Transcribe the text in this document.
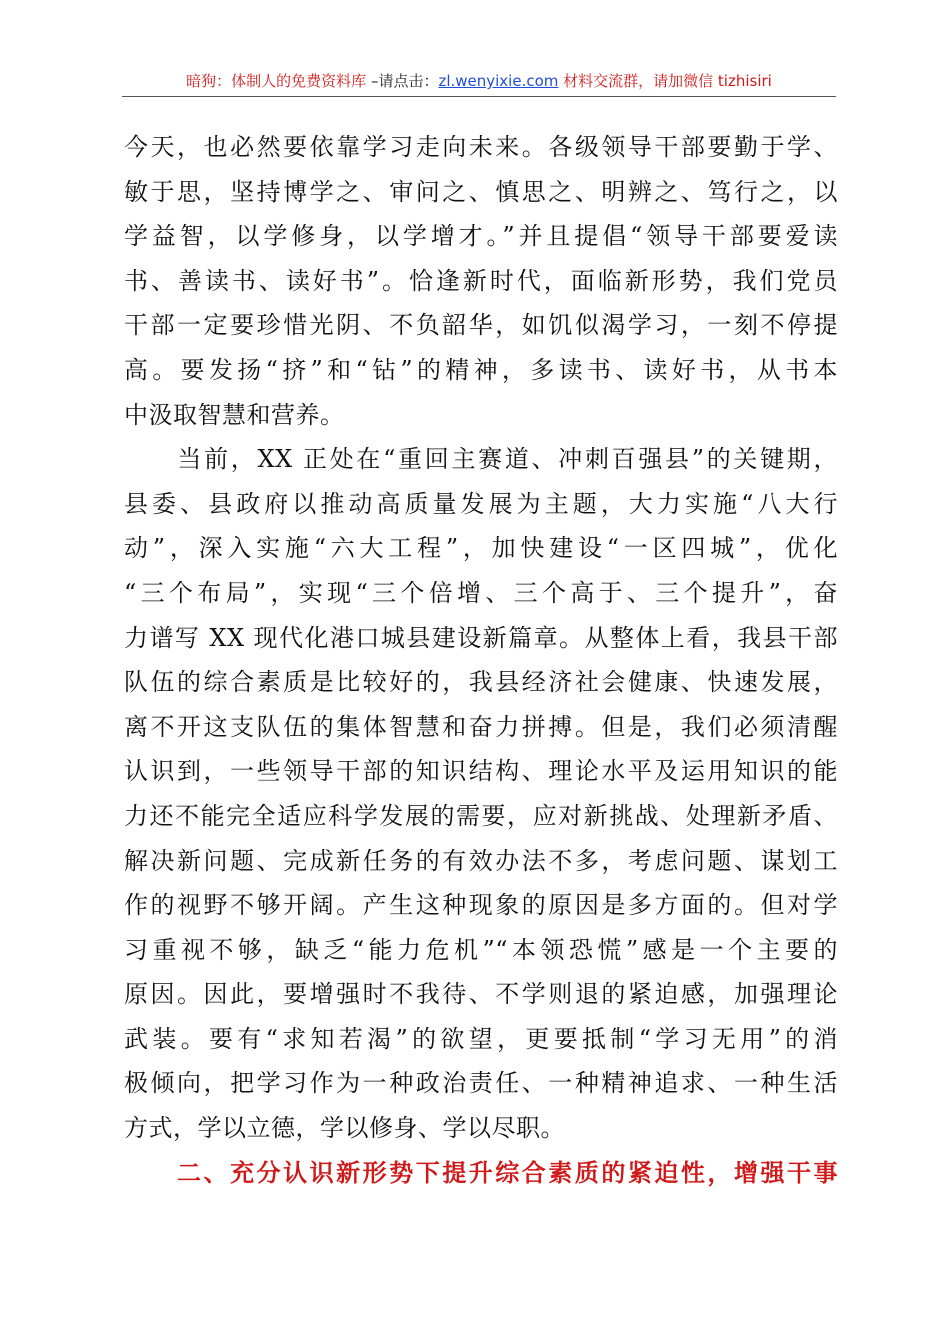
暗狗：体制人的免费资料库 –请点击：zl.wenyixie.com 材料交流群，请加微信 tizhisiri
今天，也必然要依靠学习走向未来。各级领导干部要勤于学、
敏于思，坚持博学之、审问之、慎思之、明辨之、笃行之，以
学益智，以学修身，以学增才。”并且提倡“领导干部要爱读
书、善读书、读好书”。恰逢新时代，面临新形势，我们党员
干部一定要珍惜光阴、不负韶华，如饥似渴学习，一刻不停提
高。要发扬“挤”和“钻”的精神，多读书、读好书，从书本
中汲取智慧和营养。
　　当前，XX 正处在“重回主赛道、冲刺百强县”的关键期，
县委、县政府以推动高质量发展为主题，大力实施“八大行
动”，深入实施“六大工程”，加快建设“一区四城”，优化
“三个布局”，实现“三个倍增、三个高于、三个提升”，奋
力谱写 XX 现代化港口城县建设新篇章。从整体上看，我县干部
队伍的综合素质是比较好的，我县经济社会健康、快速发展，
离不开这支队伍的集体智慧和奋力拼搏。但是，我们必须清醒
认识到，一些领导干部的知识结构、理论水平及运用知识的能
力还不能完全适应科学发展的需要，应对新挑战、处理新矛盾、
解决新问题、完成新任务的有效办法不多，考虑问题、谋划工
作的视野不够开阔。产生这种现象的原因是多方面的。但对学
习重视不够，缺乏“能力危机”“本领恐慌”感是一个主要的
原因。因此，要增强时不我待、不学则退的紧迫感，加强理论
武装。要有“求知若渴”的欲望，更要抵制“学习无用”的消
极倾向，把学习作为一种政治责任、一种精神追求、一种生活
方式，学以立德，学以修身、学以尽职。
　　二、充分认识新形势下提升综合素质的紧迫性，增强干事
